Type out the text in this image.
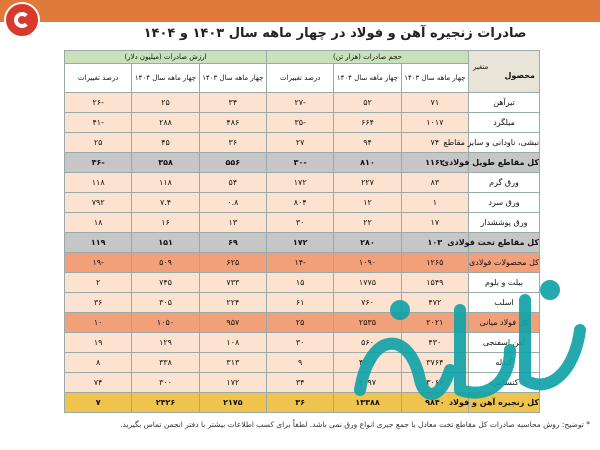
صادرات زنجیره آهن و فولاد در چهار ماهه سال ۱۴۰۳ و ۱۴۰۴
متغیر
محصول	حجم صادرات (هزار تن)			ارزش صادرات (میلیون دلار)		
	چهار ماهه سال ۱۴۰۳	چهار ماهه سال ۱۴۰۴	درصد تغییرات	چهار ماهه سال ۱۴۰۳	چهار ماهه سال ۱۴۰۴	درصد تغییرات
تیرآهن	۷۱	۵۲	-۲۷	۳۴	۲۵	-۲۶
میلگرد	۱۰۱۷	۶۶۴	-۳۵	۴۸۶	۲۸۸	-۴۱
نبشی، ناودانی و سایر مقاطع	۷۴	۹۴	۲۷	۳۶	۴۵	۲۵
کل مقاطع طویل فولادی	۱۱۶۲	۸۱۰	-۳۰	۵۵۶	۳۵۸	-۳۶
ورق گرم	۸۳	۲۲۷	۱۷۲	۵۴	۱۱۸	۱۱۸
ورق سرد	۱	۱۲	۸۰۴	۰.۸	۷.۴	۷۹۲
ورق پوششدار	۱۷	۲۲	۳۰	۱۳	۱۶	۱۸
کل مقاطع تخت فولادی	۱۰۳	۲۸۰	۱۷۲	۶۹	۱۵۱	۱۱۹
کل محصولات فولادی	۱۲۶۵	۱۰۹۰	-۱۴	۶۲۵	۵۰۹	-۱۹
بیلت و بلوم	۱۵۴۹	۱۷۷۵	۱۵	۷۳۳	۷۴۵	۲
اسلب	۴۷۲	۷۶۰	۶۱	۲۲۴	۳۰۵	۳۶
کل فولاد میانی	۲۰۲۱	۲۵۳۵	۲۵	۹۵۷	۱۰۵۰	۱۰
آهن اسفنجی	۴۳۰	۵۶۰	۳۰	۱۰۸	۱۲۹	۱۹
گندله	۳۷۶۴	۴۱۰۶	۹	۳۱۳	۳۳۸	۸
کنسانتره	۳۰۶۶	۴۰۹۷	۳۴	۱۷۲	۳۰۰	۷۴
کل زنجیره آهن و فولاد	۹۸۴۰	۱۳۳۸۸	۳۶	۲۱۷۵	۲۳۲۶	۷
* توضیح: روش محاسبه صادرات کل مقاطع تخت معادل با جمع جبری انواع ورق نمی باشد. لطفاً برای کسب اطلاعات بیشتر با دفتر انجمن تماس بگیرید.
